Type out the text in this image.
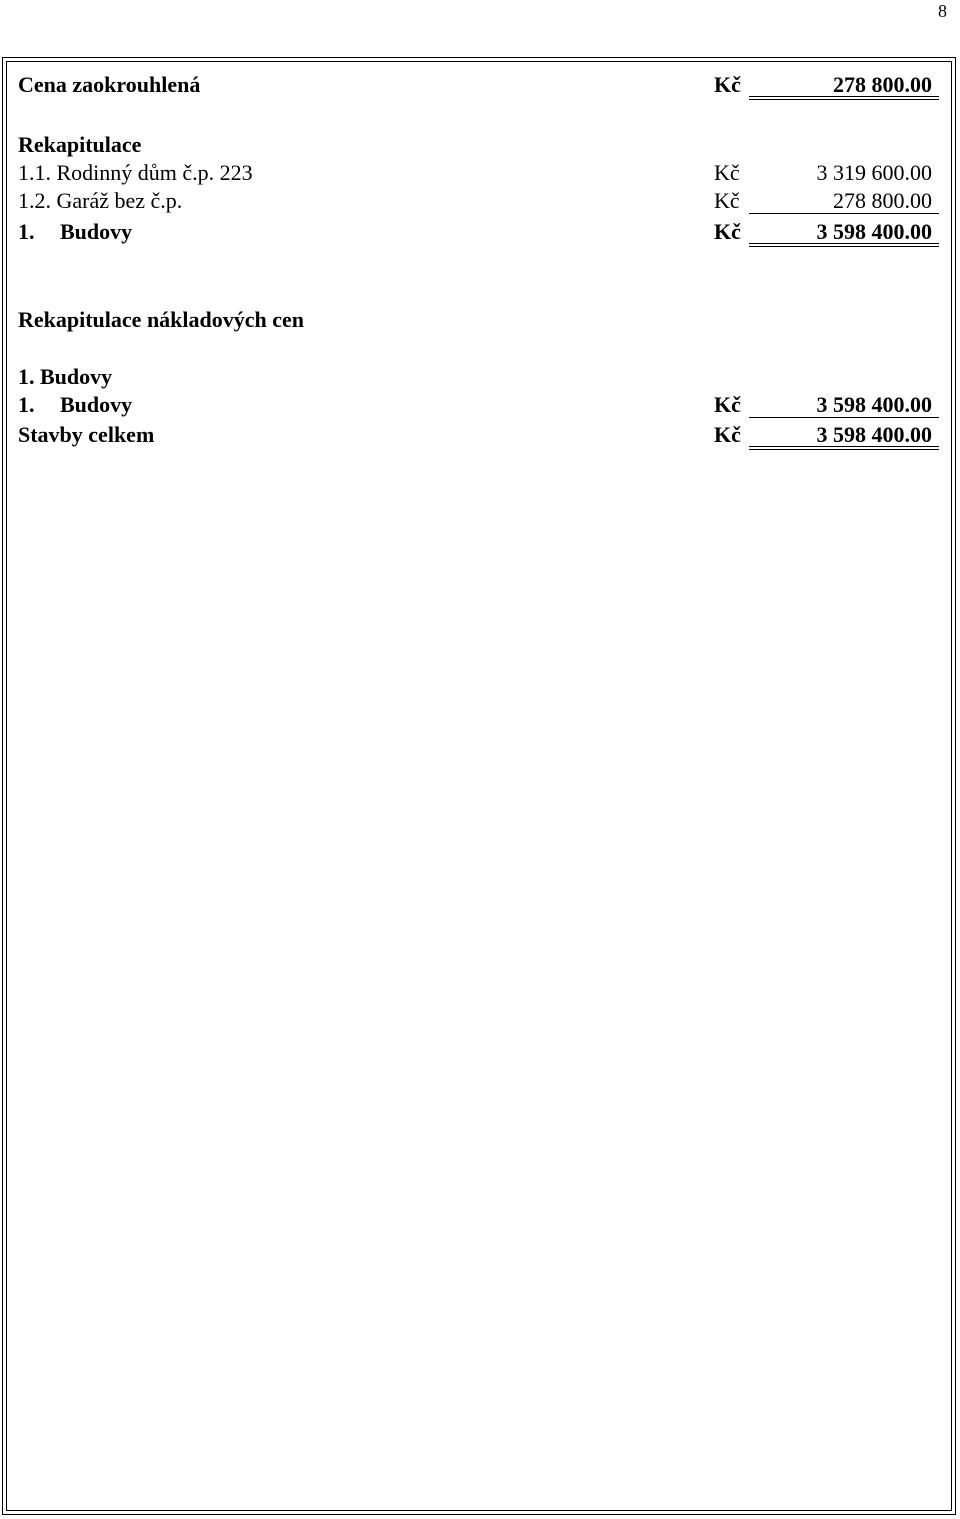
8
Cena zaokrouhlená	Kč	278 800.00
Rekapitulace
1.1. Rodinný dům č.p. 223	Kč	3 319 600.00
1.2. Garáž bez č.p.	Kč	278 800.00
1. Budovy	Kč	3 598 400.00
Rekapitulace nákladových cen
1. Budovy
1. Budovy	Kč	3 598 400.00
Stavby celkem	Kč	3 598 400.00
